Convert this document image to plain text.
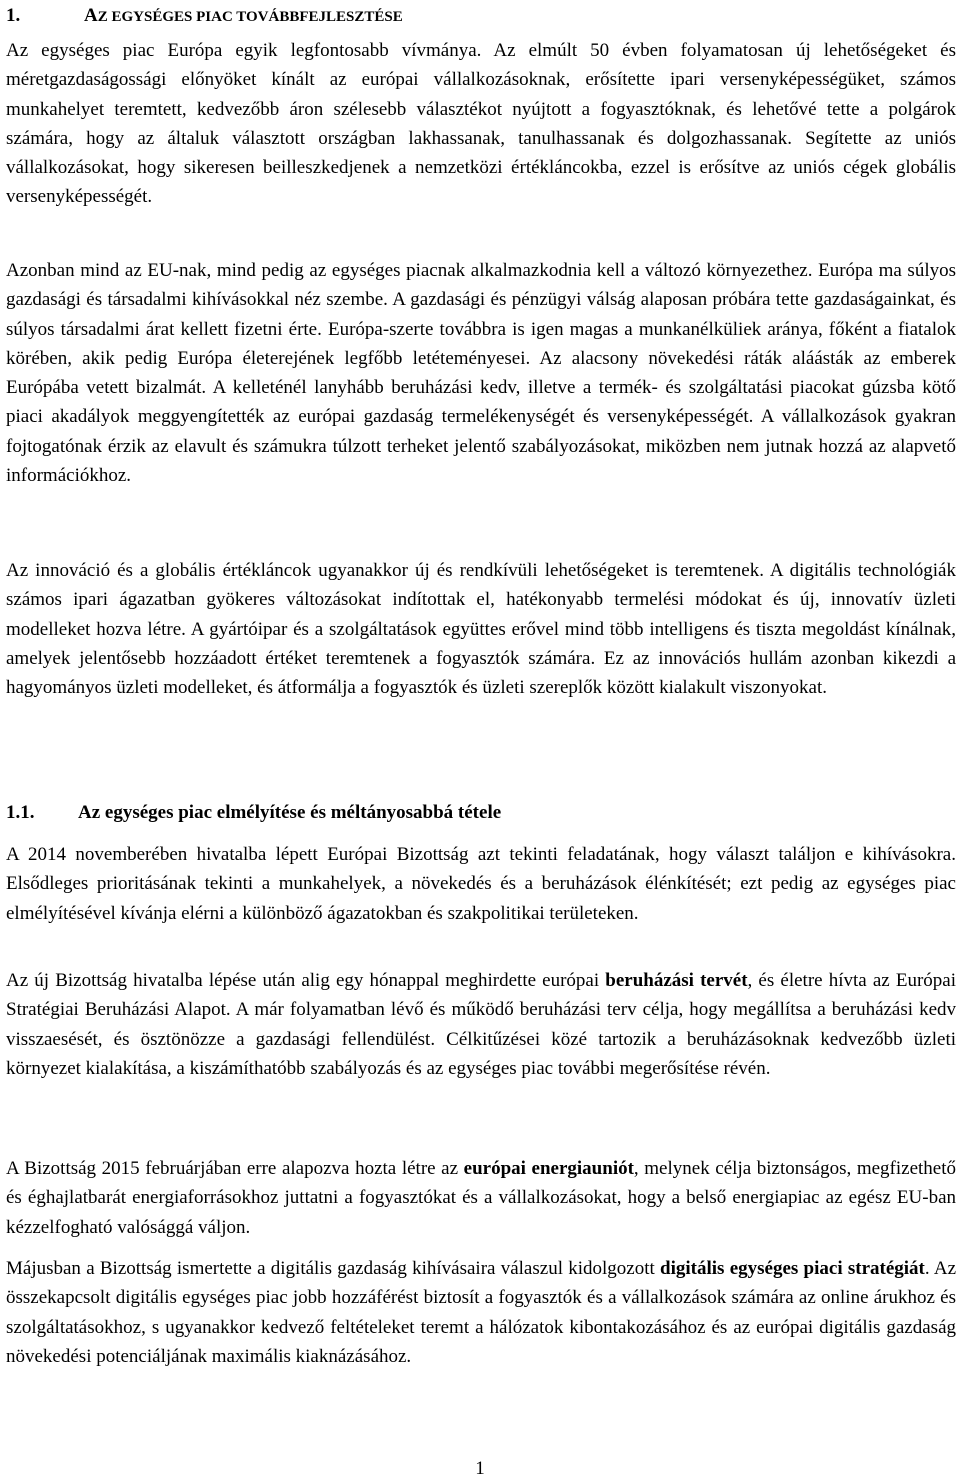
1.	AZ EGYSÉGES PIAC TOVÁBBFEJLESZTÉSE

Az egységes piac Európa egyik legfontosabb vívmánya. Az elmúlt 50 évben folyamatosan új lehetőségeket és méretgazdaságossági előnyöket kínált az európai vállalkozásoknak, erősítette ipari versenyképességüket, számos munkahelyet teremtett, kedvezőbb áron szélesebb választékot nyújtott a fogyasztóknak, és lehetővé tette a polgárok számára, hogy az általuk választott országban lakhassanak, tanulhassanak és dolgozhassanak. Segítette az uniós vállalkozásokat, hogy sikeresen beilleszkedjenek a nemzetközi értékláncokba, ezzel is erősítve az uniós cégek globális versenyképességét.

Azonban mind az EU-nak, mind pedig az egységes piacnak alkalmazkodnia kell a változó környezethez. Európa ma súlyos gazdasági és társadalmi kihívásokkal néz szembe. A gazdasági és pénzügyi válság alaposan próbára tette gazdaságainkat, és súlyos társadalmi árat kellett fizetni érte. Európa-szerte továbbra is igen magas a munkanélküliek aránya, főként a fiatalok körében, akik pedig Európa életerejének legfőbb letéteményesei. Az alacsony növekedési ráták aláásták az emberek Európába vetett bizalmát. A kelleténél lanyhább beruházási kedv, illetve a termék- és szolgáltatási piacokat gúzsba kötő piaci akadályok meggyengítették az európai gazdaság termelékenységét és versenyképességét. A vállalkozások gyakran fojtogatónak érzik az elavult és számukra túlzott terheket jelentő szabályozásokat, miközben nem jutnak hozzá az alapvető információkhoz.

Az innováció és a globális értékláncok ugyanakkor új és rendkívüli lehetőségeket is teremtenek. A digitális technológiák számos ipari ágazatban gyökeres változásokat indítottak el, hatékonyabb termelési módokat és új, innovatív üzleti modelleket hozva létre. A gyártóipar és a szolgáltatások együttes erővel mind több intelligens és tiszta megoldást kínálnak, amelyek jelentősebb hozzáadott értéket teremtenek a fogyasztók számára. Ez az innovációs hullám azonban kikezdi a hagyományos üzleti modelleket, és átformálja a fogyasztók és üzleti szereplők között kialakult viszonyokat.

1.1. Az egységes piac elmélyítése és méltányosabbá tétele

A 2014 novemberében hivatalba lépett Európai Bizottság azt tekinti feladatának, hogy választ találjon e kihívásokra. Elsődleges prioritásának tekinti a munkahelyek, a növekedés és a beruházások élénkítését; ezt pedig az egységes piac elmélyítésével kívánja elérni a különböző ágazatokban és szakpolitikai területeken.

Az új Bizottság hivatalba lépése után alig egy hónappal meghirdette európai beruházási tervét, és életre hívta az Európai Stratégiai Beruházási Alapot. A már folyamatban lévő és működő beruházási terv célja, hogy megállítsa a beruházási kedv visszaesését, és ösztönözze a gazdasági fellendülést. Célkitűzései közé tartozik a beruházásoknak kedvezőbb üzleti környezet kialakítása, a kiszámíthatóbb szabályozás és az egységes piac további megerősítése révén.

A Bizottság 2015 februárjában erre alapozva hozta létre az európai energiauniót, melynek célja biztonságos, megfizethető és éghajlatbarát energiaforrásokhoz juttatni a fogyasztókat és a vállalkozásokat, hogy a belső energiapiac az egész EU-ban kézzelfogható valósággá váljon.

Májusban a Bizottság ismertette a digitális gazdaság kihívásaira válaszul kidolgozott digitális egységes piaci stratégiát. Az összekapcsolt digitális egységes piac jobb hozzáférést biztosít a fogyasztók és a vállalkozások számára az online árukhoz és szolgáltatásokhoz, s ugyanakkor kedvező feltételeket teremt a hálózatok kibontakozásához és az európai digitális gazdaság növekedési potenciáljának maximális kiaknázásához.

1
